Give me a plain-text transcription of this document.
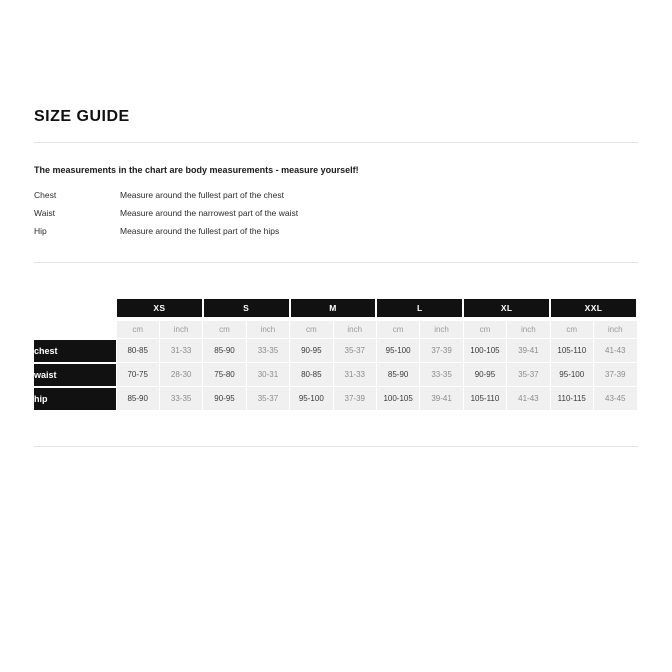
SIZE GUIDE
The measurements in the chart are body measurements - measure yourself!
Chest	Measure around the fullest part of the chest
Waist	Measure around the narrowest part of the waist
Hip	Measure around the fullest part of the hips
	XS		S		M		L		XL		XXL	

	cm	inch	cm	inch	cm	inch	cm	inch	cm	inch	cm	inch
chest	80-85	31-33	85-90	33-35	90-95	35-37	95-100	37-39	100-105	39-41	105-110	41-43
waist	70-75	28-30	75-80	30-31	80-85	31-33	85-90	33-35	90-95	35-37	95-100	37-39
hip	85-90	33-35	90-95	35-37	95-100	37-39	100-105	39-41	105-110	41-43	110-115	43-45
